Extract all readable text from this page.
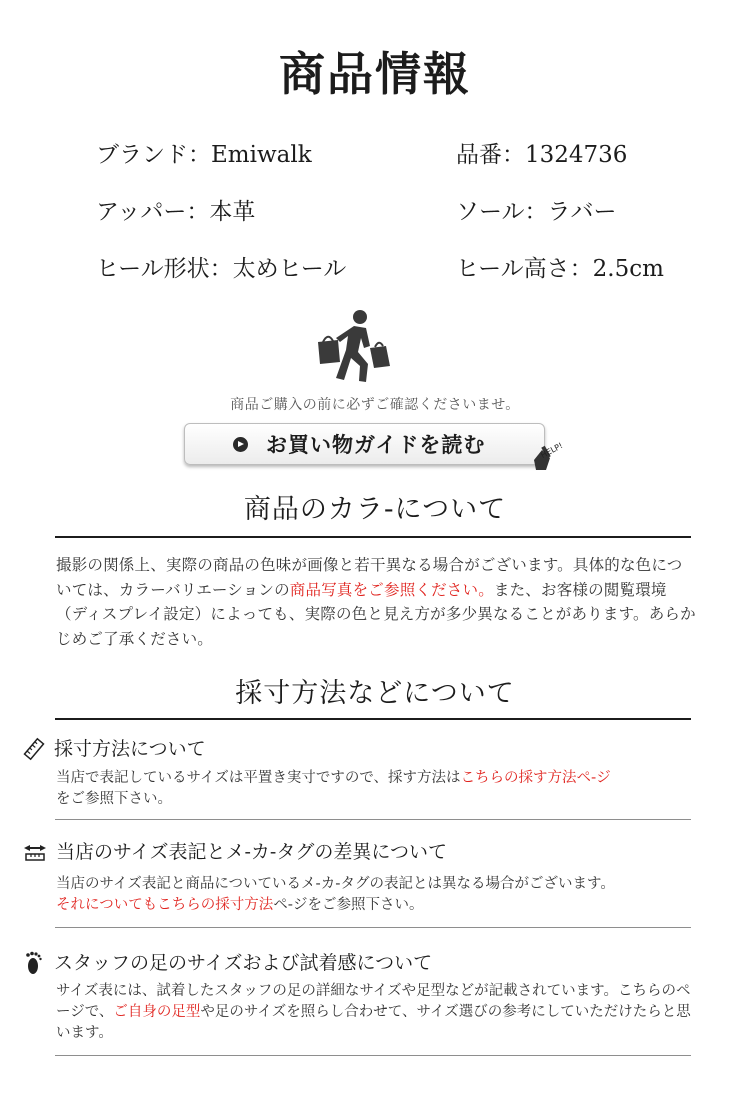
商品情報
ブランド：Emiwalk	品番：1324736
アッパー：本革	ソール：ラバー
ヒール形状：太めヒール	ヒール高さ：2.5cm
商品ご購入の前に必ずご確認くださいませ。
お買い物ガイドを読む	HELP!
商品のカラ-について
撮影の関係上、実際の商品の色味が画像と若干異なる場合がございます。具体的な色については、カラーバリエーションの商品写真をご参照ください。また、お客様の閲覧環境（ディスプレイ設定）によっても、実際の色と見え方が多少異なることがあります。あらかじめご了承ください。
採寸方法などについて
採寸方法について
当店で表記しているサイズは平置き実寸ですので、採す方法はこちらの採す方法ペ-ジ
をご参照下さい。
当店のサイズ表記とメ-カ-タグの差異について
当店のサイズ表記と商品についているメ-カ-タグの表記とは異なる場合がございます。
それについてもこちらの採寸方法ペ-ジをご参照下さい。
スタッフの足のサイズおよび試着感について
サイズ表には、試着したスタッフの足の詳細なサイズや足型などが記載されています。こちらのページで、ご自身の足型や足のサイズを照らし合わせて、サイズ選びの参考にしていただけたらと思います。
